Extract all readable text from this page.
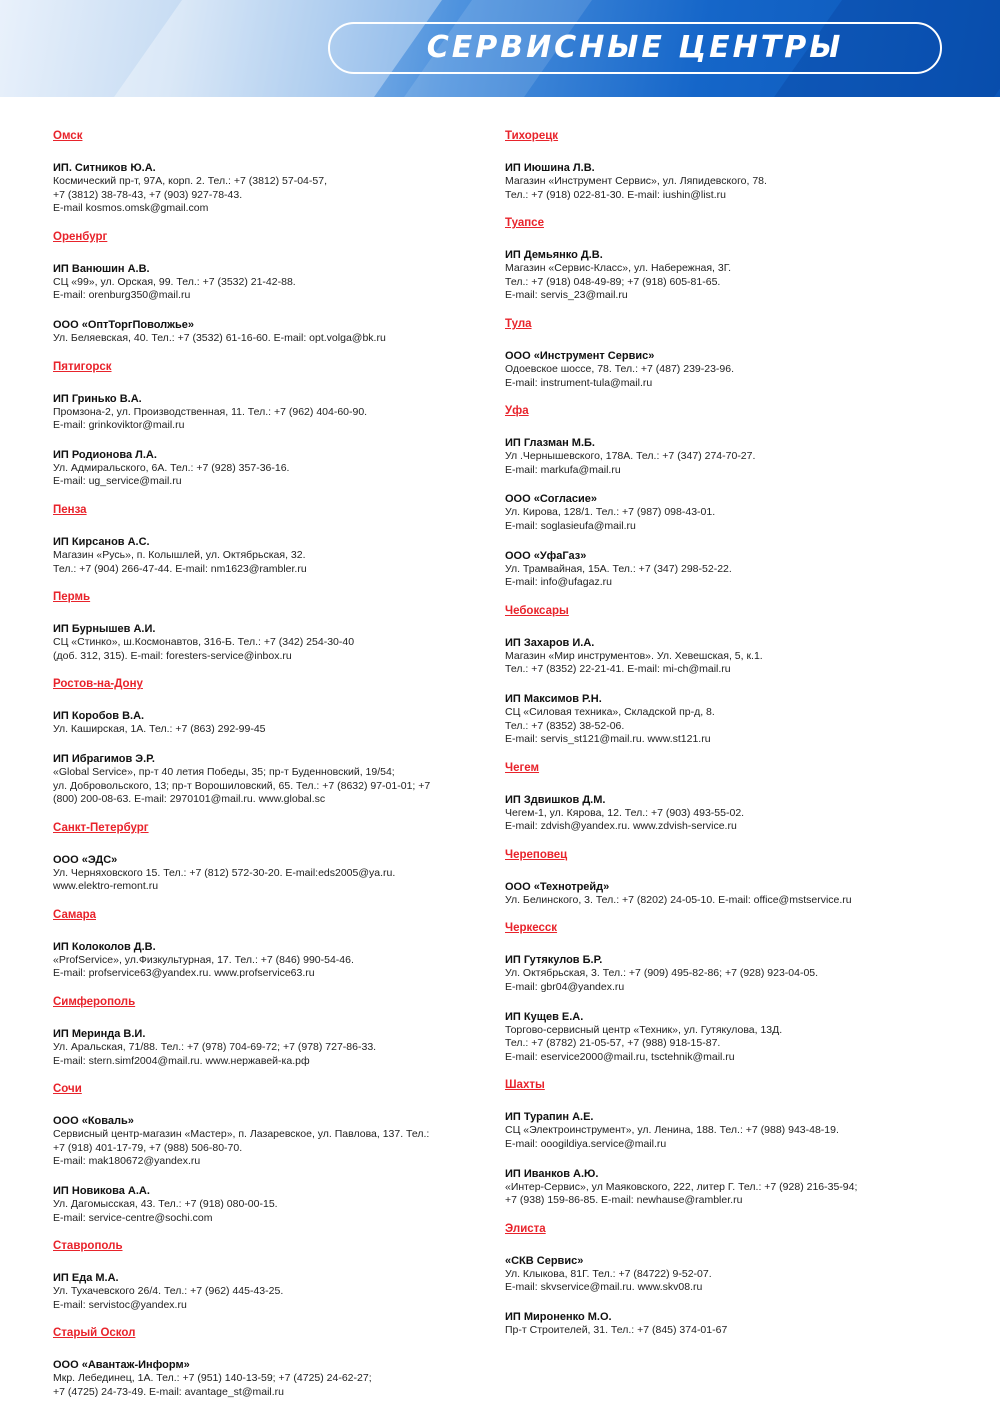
СЕРВИСНЫЕ ЦЕНТРЫ
Омск
ИП. Ситников Ю.А.
Космический пр-т, 97А, корп. 2. Тел.: +7 (3812) 57-04-57,
+7 (3812) 38-78-43, +7 (903) 927-78-43.
E-mail kosmos.omsk@gmail.com
Оренбург
ИП Ванюшин А.В.
СЦ «99», ул. Орская, 99. Тел.: +7 (3532) 21-42-88.
E-mail: orenburg350@mail.ru
ООО «ОптТоргПоволжье»
Ул. Беляевская, 40. Тел.: +7 (3532) 61-16-60. E-mail: opt.volga@bk.ru
Пятигорск
ИП Гринько В.А.
Промзона-2, ул. Производственная, 11. Тел.: +7 (962) 404-60-90.
E-mail: grinkoviktor@mail.ru
ИП Родионова Л.А.
Ул. Адмиральского, 6А. Тел.: +7 (928) 357-36-16.
E-mail: ug_service@mail.ru
Пенза
ИП Кирсанов А.С.
Магазин «Русь», п. Колышлей, ул. Октябрьская, 32.
Тел.: +7 (904) 266-47-44. E-mail: nm1623@rambler.ru
Пермь
ИП Бурнышев А.И.
СЦ «Стинко», ш.Космонавтов, 316-Б. Тел.: +7 (342) 254-30-40
(доб. 312, 315). E-mail: foresters-service@inbox.ru
Ростов-на-Дону
ИП Коробов В.А.
Ул. Каширская, 1А. Тел.: +7 (863) 292-99-45
ИП Ибрагимов Э.Р.
«Global Service», пр-т 40 летия Победы, 35; пр-т Буденновский, 19/54;
ул. Добровольского, 13; пр-т Ворошиловский, 65. Тел.: +7 (8632) 97-01-01; +7
(800) 200-08-63. E-mail: 2970101@mail.ru. www.global.sc
Санкт-Петербург
ООО «ЭДС»
Ул. Черняховского 15. Тел.: +7 (812) 572-30-20. E-mail:eds2005@ya.ru.
www.elektro-remont.ru
Самара
ИП Колоколов Д.В.
«ProfService», ул.Физкультурная, 17. Тел.: +7 (846) 990-54-46.
E-mail: profservice63@yandex.ru. www.profservice63.ru
Симферополь
ИП Меринда В.И.
Ул. Аральская, 71/88. Тел.: +7 (978) 704-69-72; +7 (978) 727-86-33.
E-mail: stern.simf2004@mail.ru. www.нержавей-ка.рф
Сочи
ООО «Коваль»
Сервисный центр-магазин «Мастер», п. Лазаревское, ул. Павлова, 137. Тел.:
+7 (918) 401-17-79, +7 (988) 506-80-70.
E-mail: mak180672@yandex.ru
ИП Новикова А.А.
Ул. Дагомысская, 43. Тел.: +7 (918) 080-00-15.
E-mail: service-centre@sochi.com
Ставрополь
ИП Еда М.А.
Ул. Тухачевского 26/4. Тел.: +7 (962) 445-43-25.
E-mail: servistoc@yandex.ru
Старый Оскол
ООО «Авантаж-Информ»
Мкр. Лебединец, 1А. Тел.: +7 (951) 140-13-59; +7 (4725) 24-62-27;
+7 (4725) 24-73-49. E-mail: avantage_st@mail.ru
Тихорецк
ИП Июшина Л.В.
Магазин «Инструмент Сервис», ул. Ляпидевского, 78.
Тел.: +7 (918) 022-81-30. E-mail: iushin@list.ru
Туапсе
ИП Демьянко Д.В.
Магазин «Сервис-Класс», ул. Набережная, 3Г.
Тел.: +7 (918) 048-49-89; +7 (918) 605-81-65.
E-mail: servis_23@mail.ru
Тула
ООО «Инструмент Сервис»
Одоевское шоссе, 78. Тел.: +7 (487) 239-23-96.
E-mail: instrument-tula@mail.ru
Уфа
ИП Глазман М.Б.
Ул .Чернышевского, 178А. Тел.: +7 (347) 274-70-27.
E-mail: markufa@mail.ru
ООО «Согласие»
Ул. Кирова, 128/1. Тел.: +7 (987) 098-43-01.
E-mail: soglasieufa@mail.ru
ООО «УфаГаз»
Ул. Трамвайная, 15А. Тел.: +7 (347) 298-52-22.
E-mail: info@ufagaz.ru
Чебоксары
ИП Захаров И.А.
Магазин «Мир инструментов». Ул. Хевешская, 5, к.1.
Тел.: +7 (8352) 22-21-41. E-mail: mi-ch@mail.ru
ИП Максимов Р.Н.
СЦ «Силовая техника», Складской пр-д, 8.
Тел.: +7 (8352) 38-52-06.
E-mail: servis_st121@mail.ru. www.st121.ru
Чегем
ИП Здвишков Д.М.
Чегем-1, ул. Кярова, 12. Тел.: +7 (903) 493-55-02.
E-mail: zdvish@yandex.ru. www.zdvish-service.ru
Череповец
ООО «Технотрейд»
Ул. Белинского, 3. Тел.: +7 (8202) 24-05-10. E-mail: office@mstservice.ru
Черкесск
ИП Гутякулов Б.Р.
Ул. Октябрьская, 3. Тел.: +7 (909) 495-82-86; +7 (928) 923-04-05.
E-mail: gbr04@yandex.ru
ИП Кущев Е.А.
Торгово-сервисный центр «Техник», ул. Гутякулова, 13Д.
Тел.: +7 (8782) 21-05-57, +7 (988) 918-15-87.
E-mail: eservice2000@mail.ru, tsctehnik@mail.ru
Шахты
ИП Турапин А.Е.
СЦ «Электроинструмент», ул. Ленина, 188. Тел.: +7 (988) 943-48-19.
E-mail: ooogildiya.service@mail.ru
ИП Иванков А.Ю.
«Интер-Сервис», ул Маяковского, 222, литер Г. Тел.: +7 (928) 216-35-94;
+7 (938) 159-86-85. E-mail: newhause@rambler.ru
Элиста
«СКВ Сервис»
Ул. Клыкова, 81Г. Тел.: +7 (84722) 9-52-07.
E-mail: skvservice@mail.ru. www.skv08.ru
ИП Мироненко М.О.
Пр-т Строителей, 31. Тел.: +7 (845) 374-01-67
